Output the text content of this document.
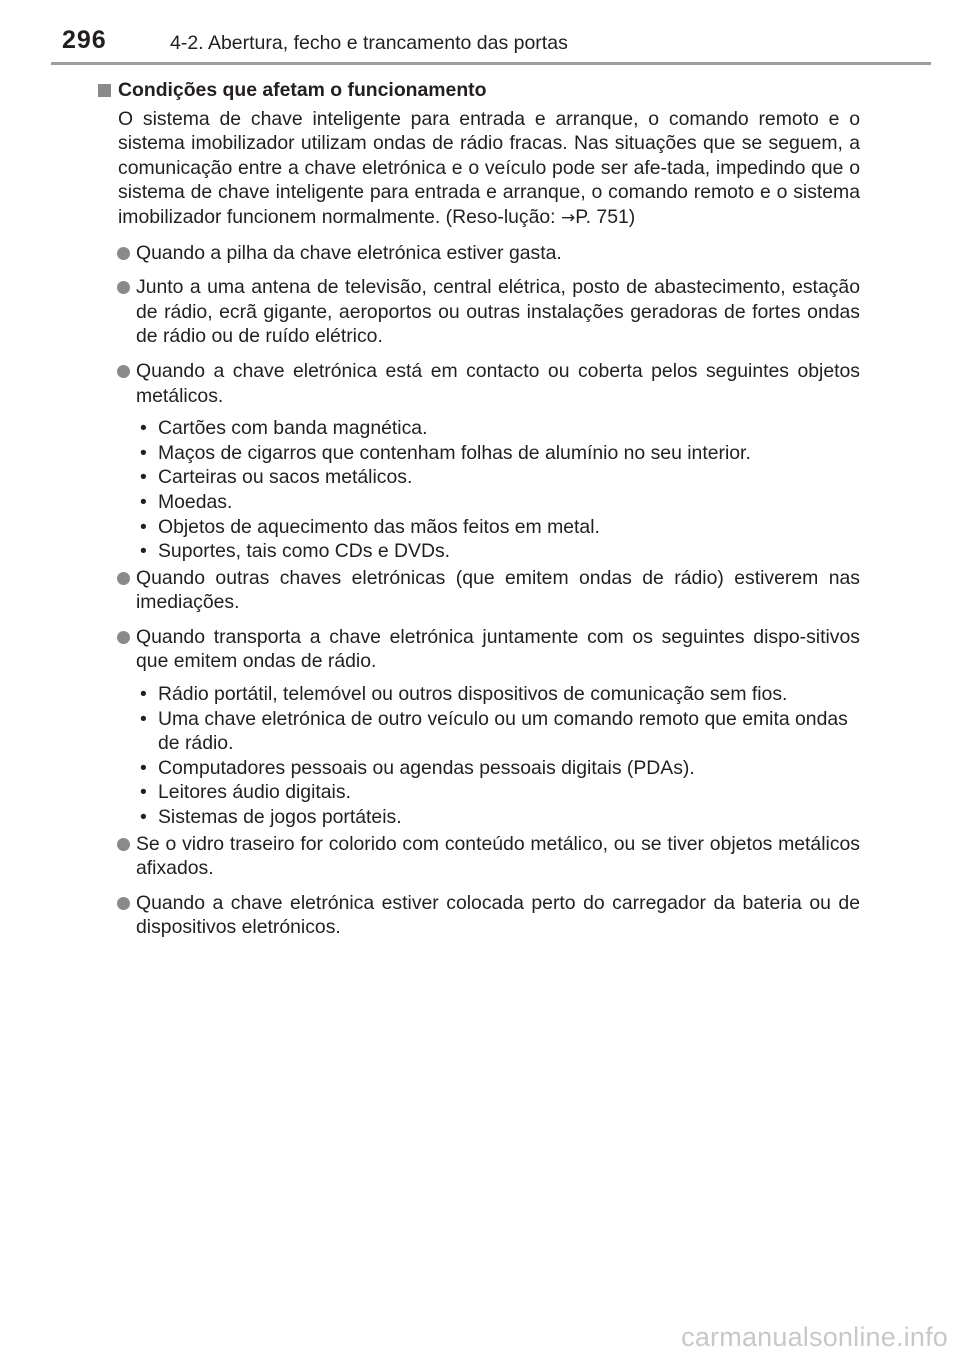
296	4-2. Abertura, fecho e trancamento das portas
Condições que afetam o funcionamento
O sistema de chave inteligente para entrada e arranque, o comando remoto e o sistema imobilizador utilizam ondas de rádio fracas. Nas situações que se seguem, a comunicação entre a chave eletrónica e o veículo pode ser afe-tada, impedindo que o sistema de chave inteligente para entrada e arranque, o comando remoto e o sistema imobilizador funcionem normalmente. (Reso-lução: →P. 751)
Quando a pilha da chave eletrónica estiver gasta.
Junto a uma antena de televisão, central elétrica, posto de abastecimento, estação de rádio, ecrã gigante, aeroportos ou outras instalações geradoras de fortes ondas de rádio ou de ruído elétrico.
Quando a chave eletrónica está em contacto ou coberta pelos seguintes objetos metálicos.
• Cartões com banda magnética.
• Maços de cigarros que contenham folhas de alumínio no seu interior.
• Carteiras ou sacos metálicos.
• Moedas.
• Objetos de aquecimento das mãos feitos em metal.
• Suportes, tais como CDs e DVDs.
Quando outras chaves eletrónicas (que emitem ondas de rádio) estiverem nas imediações.
Quando transporta a chave eletrónica juntamente com os seguintes dispo-sitivos que emitem ondas de rádio.
• Rádio portátil, telemóvel ou outros dispositivos de comunicação sem fios.
• Uma chave eletrónica de outro veículo ou um comando remoto que emita ondas de rádio.
• Computadores pessoais ou agendas pessoais digitais (PDAs).
• Leitores áudio digitais.
• Sistemas de jogos portáteis.
Se o vidro traseiro for colorido com conteúdo metálico, ou se tiver objetos metálicos afixados.
Quando a chave eletrónica estiver colocada perto do carregador da bateria ou de dispositivos eletrónicos.
carmanualsonline.info
